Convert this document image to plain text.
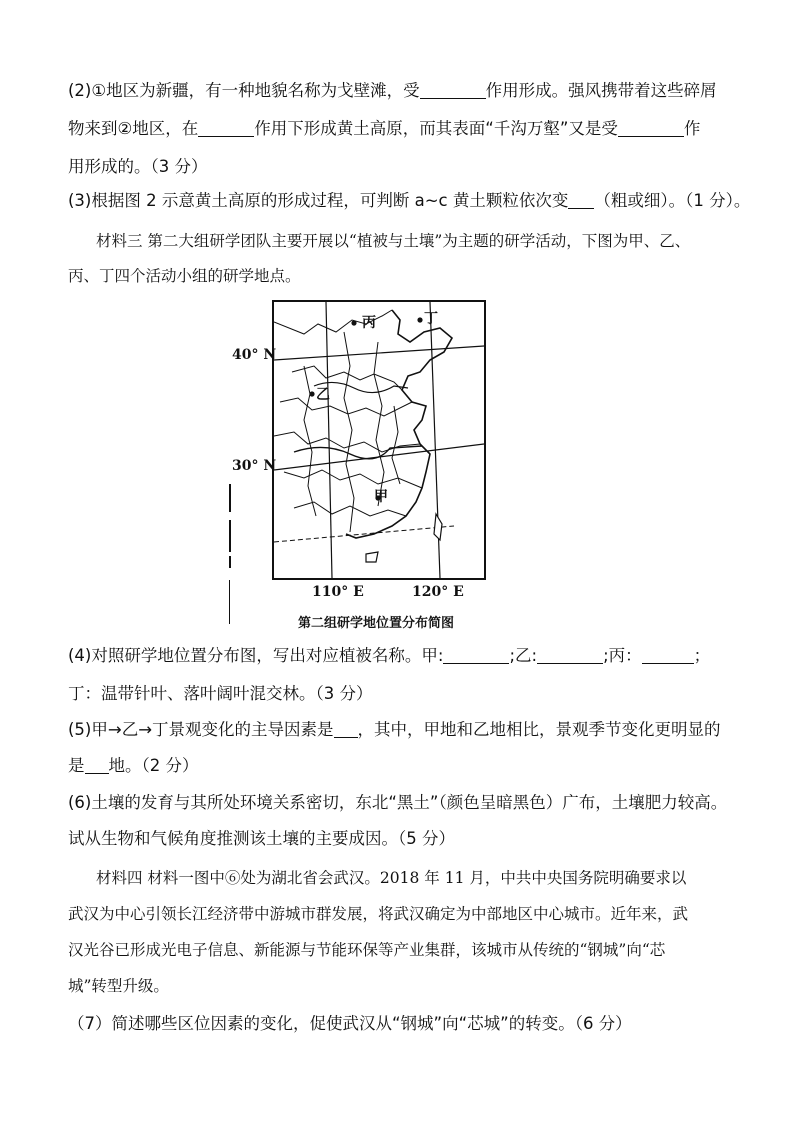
(2)①地区为新疆，有一种地貌名称为戈壁滩，受	作用形成。强风携带着这些碎屑
物来到②地区，在	作用下形成黄土高原，而其表面“千沟万壑”又是受	作
用形成的。（3 分）
(3)根据图 2 示意黄土高原的形成过程，可判断 a~c 黄土颗粒依次变 （粗或细）。（1 分）。
材料三 第二大组研学团队主要开展以“植被与土壤”为主题的研学活动，下图为甲、乙、
丙、丁四个活动小组的研学地点。
丙	丁
乙
甲
40° N
30° N
110° E	120° E
第二组研学地位置分布简图
(4)对照研学地位置分布图，写出对应植被名称。甲:	;乙:	;丙：	；
丁：温带针叶、落叶阔叶混交林。（3 分）
(5)甲→乙→丁景观变化的主导因素是 ，其中，甲地和乙地相比，景观季节变化更明显的
是 地。（2 分）
(6)土壤的发育与其所处环境关系密切，东北“黑土”（颜色呈暗黑色）广布，土壤肥力较高。
试从生物和气候角度推测该土壤的主要成因。（5 分）
材料四 材料一图中⑥处为湖北省会武汉。2018 年 11 月，中共中央国务院明确要求以
武汉为中心引领长江经济带中游城市群发展，将武汉确定为中部地区中心城市。近年来，武
汉光谷已形成光电子信息、新能源与节能环保等产业集群，该城市从传统的“钢城”向“芯
城”转型升级。
（7）简述哪些区位因素的变化，促使武汉从“钢城”向“芯城”的转变。（6 分）
